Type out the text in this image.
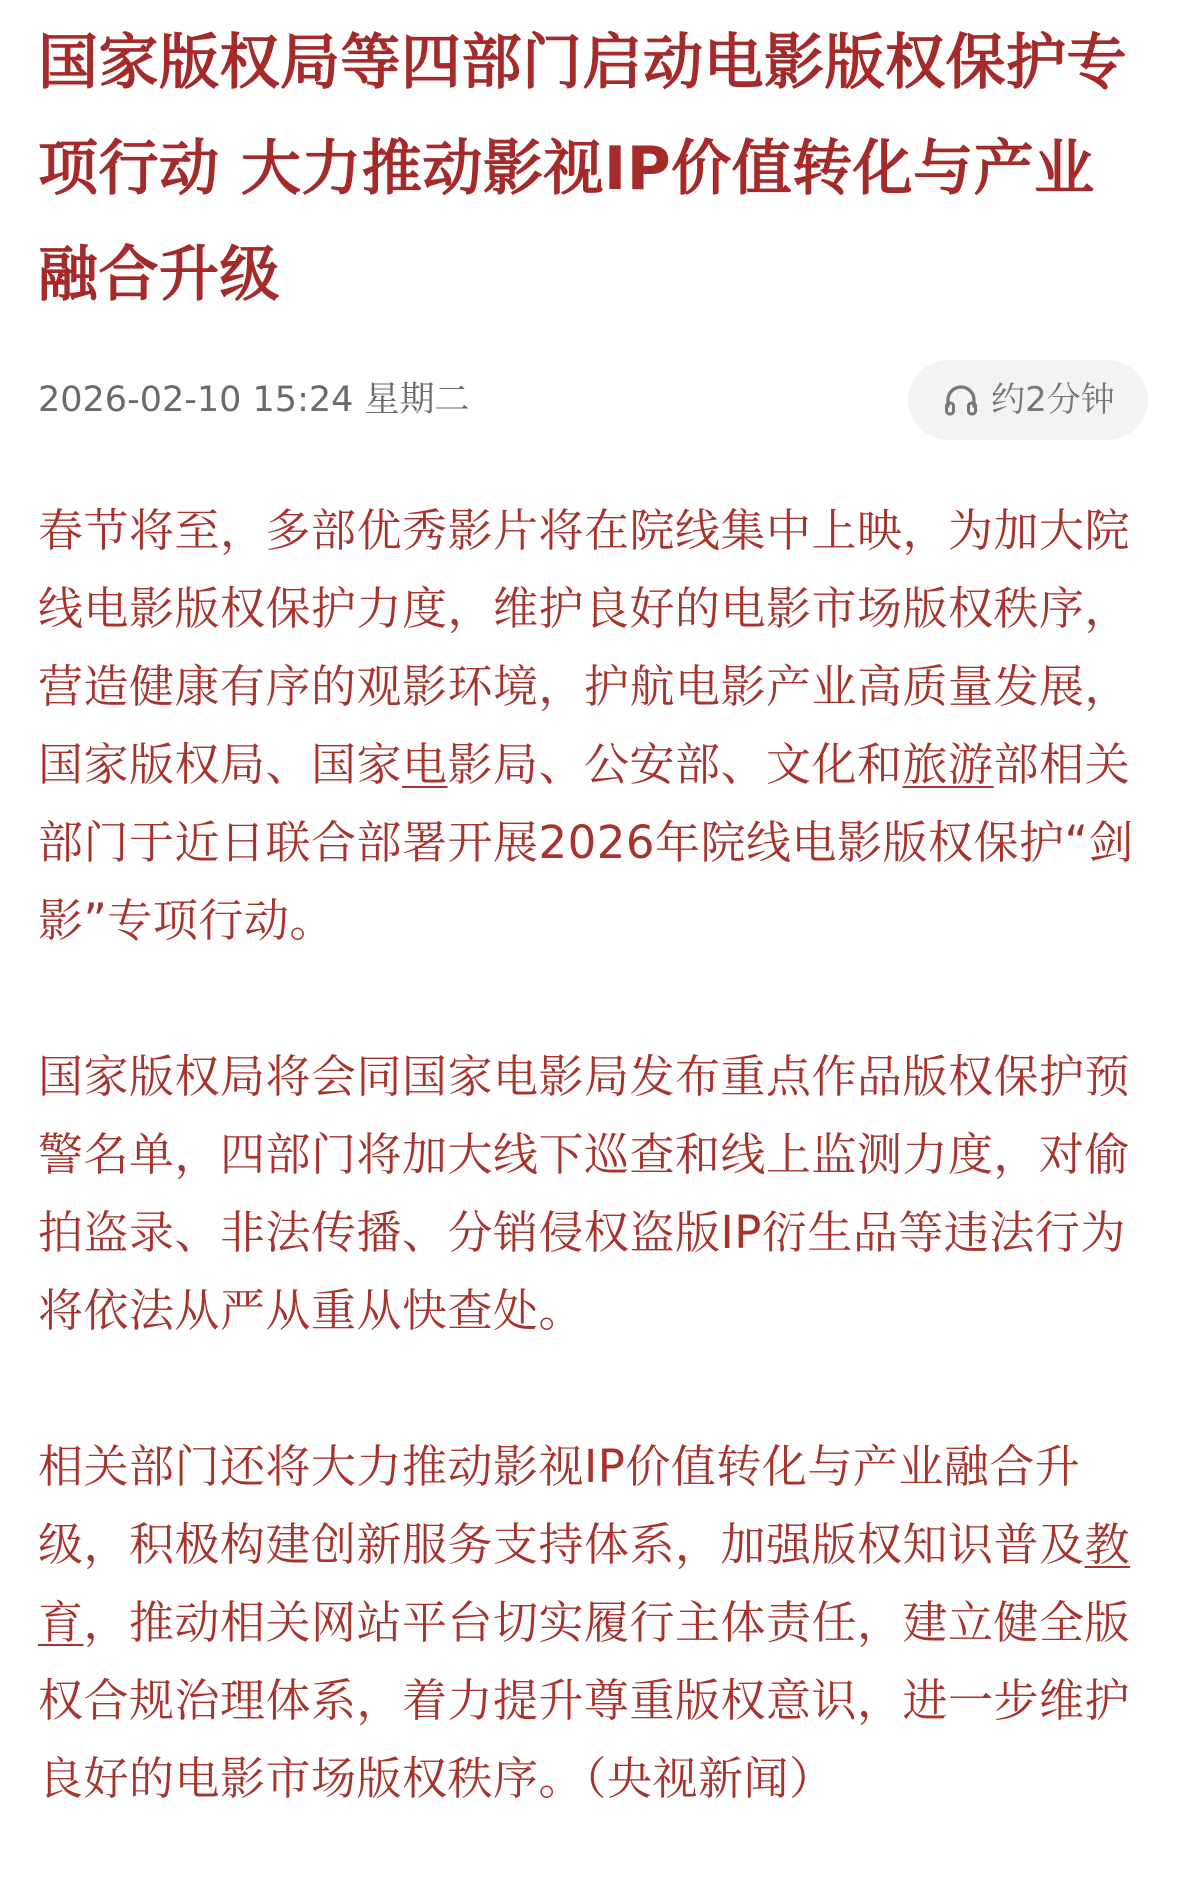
国家版权局等四部门启动电影版权保护专项行动 大力推动影视IP价值转化与产业融合升级
2026-02-10 15:24 星期二	约2分钟

春节将至，多部优秀影片将在院线集中上映，为加大院线电影版权保护力度，维护良好的电影市场版权秩序，营造健康有序的观影环境，护航电影产业高质量发展，国家版权局、国家电影局、公安部、文化和旅游部相关部门于近日联合部署开展2026年院线电影版权保护“剑影”专项行动。

国家版权局将会同国家电影局发布重点作品版权保护预警名单，四部门将加大线下巡查和线上监测力度，对偷拍盗录、非法传播、分销侵权盗版IP衍生品等违法行为将依法从严从重从快查处。

相关部门还将大力推动影视IP价值转化与产业融合升级，积极构建创新服务支持体系，加强版权知识普及教育，推动相关网站平台切实履行主体责任，建立健全版权合规治理体系，着力提升尊重版权意识，进一步维护良好的电影市场版权秩序。（央视新闻）
